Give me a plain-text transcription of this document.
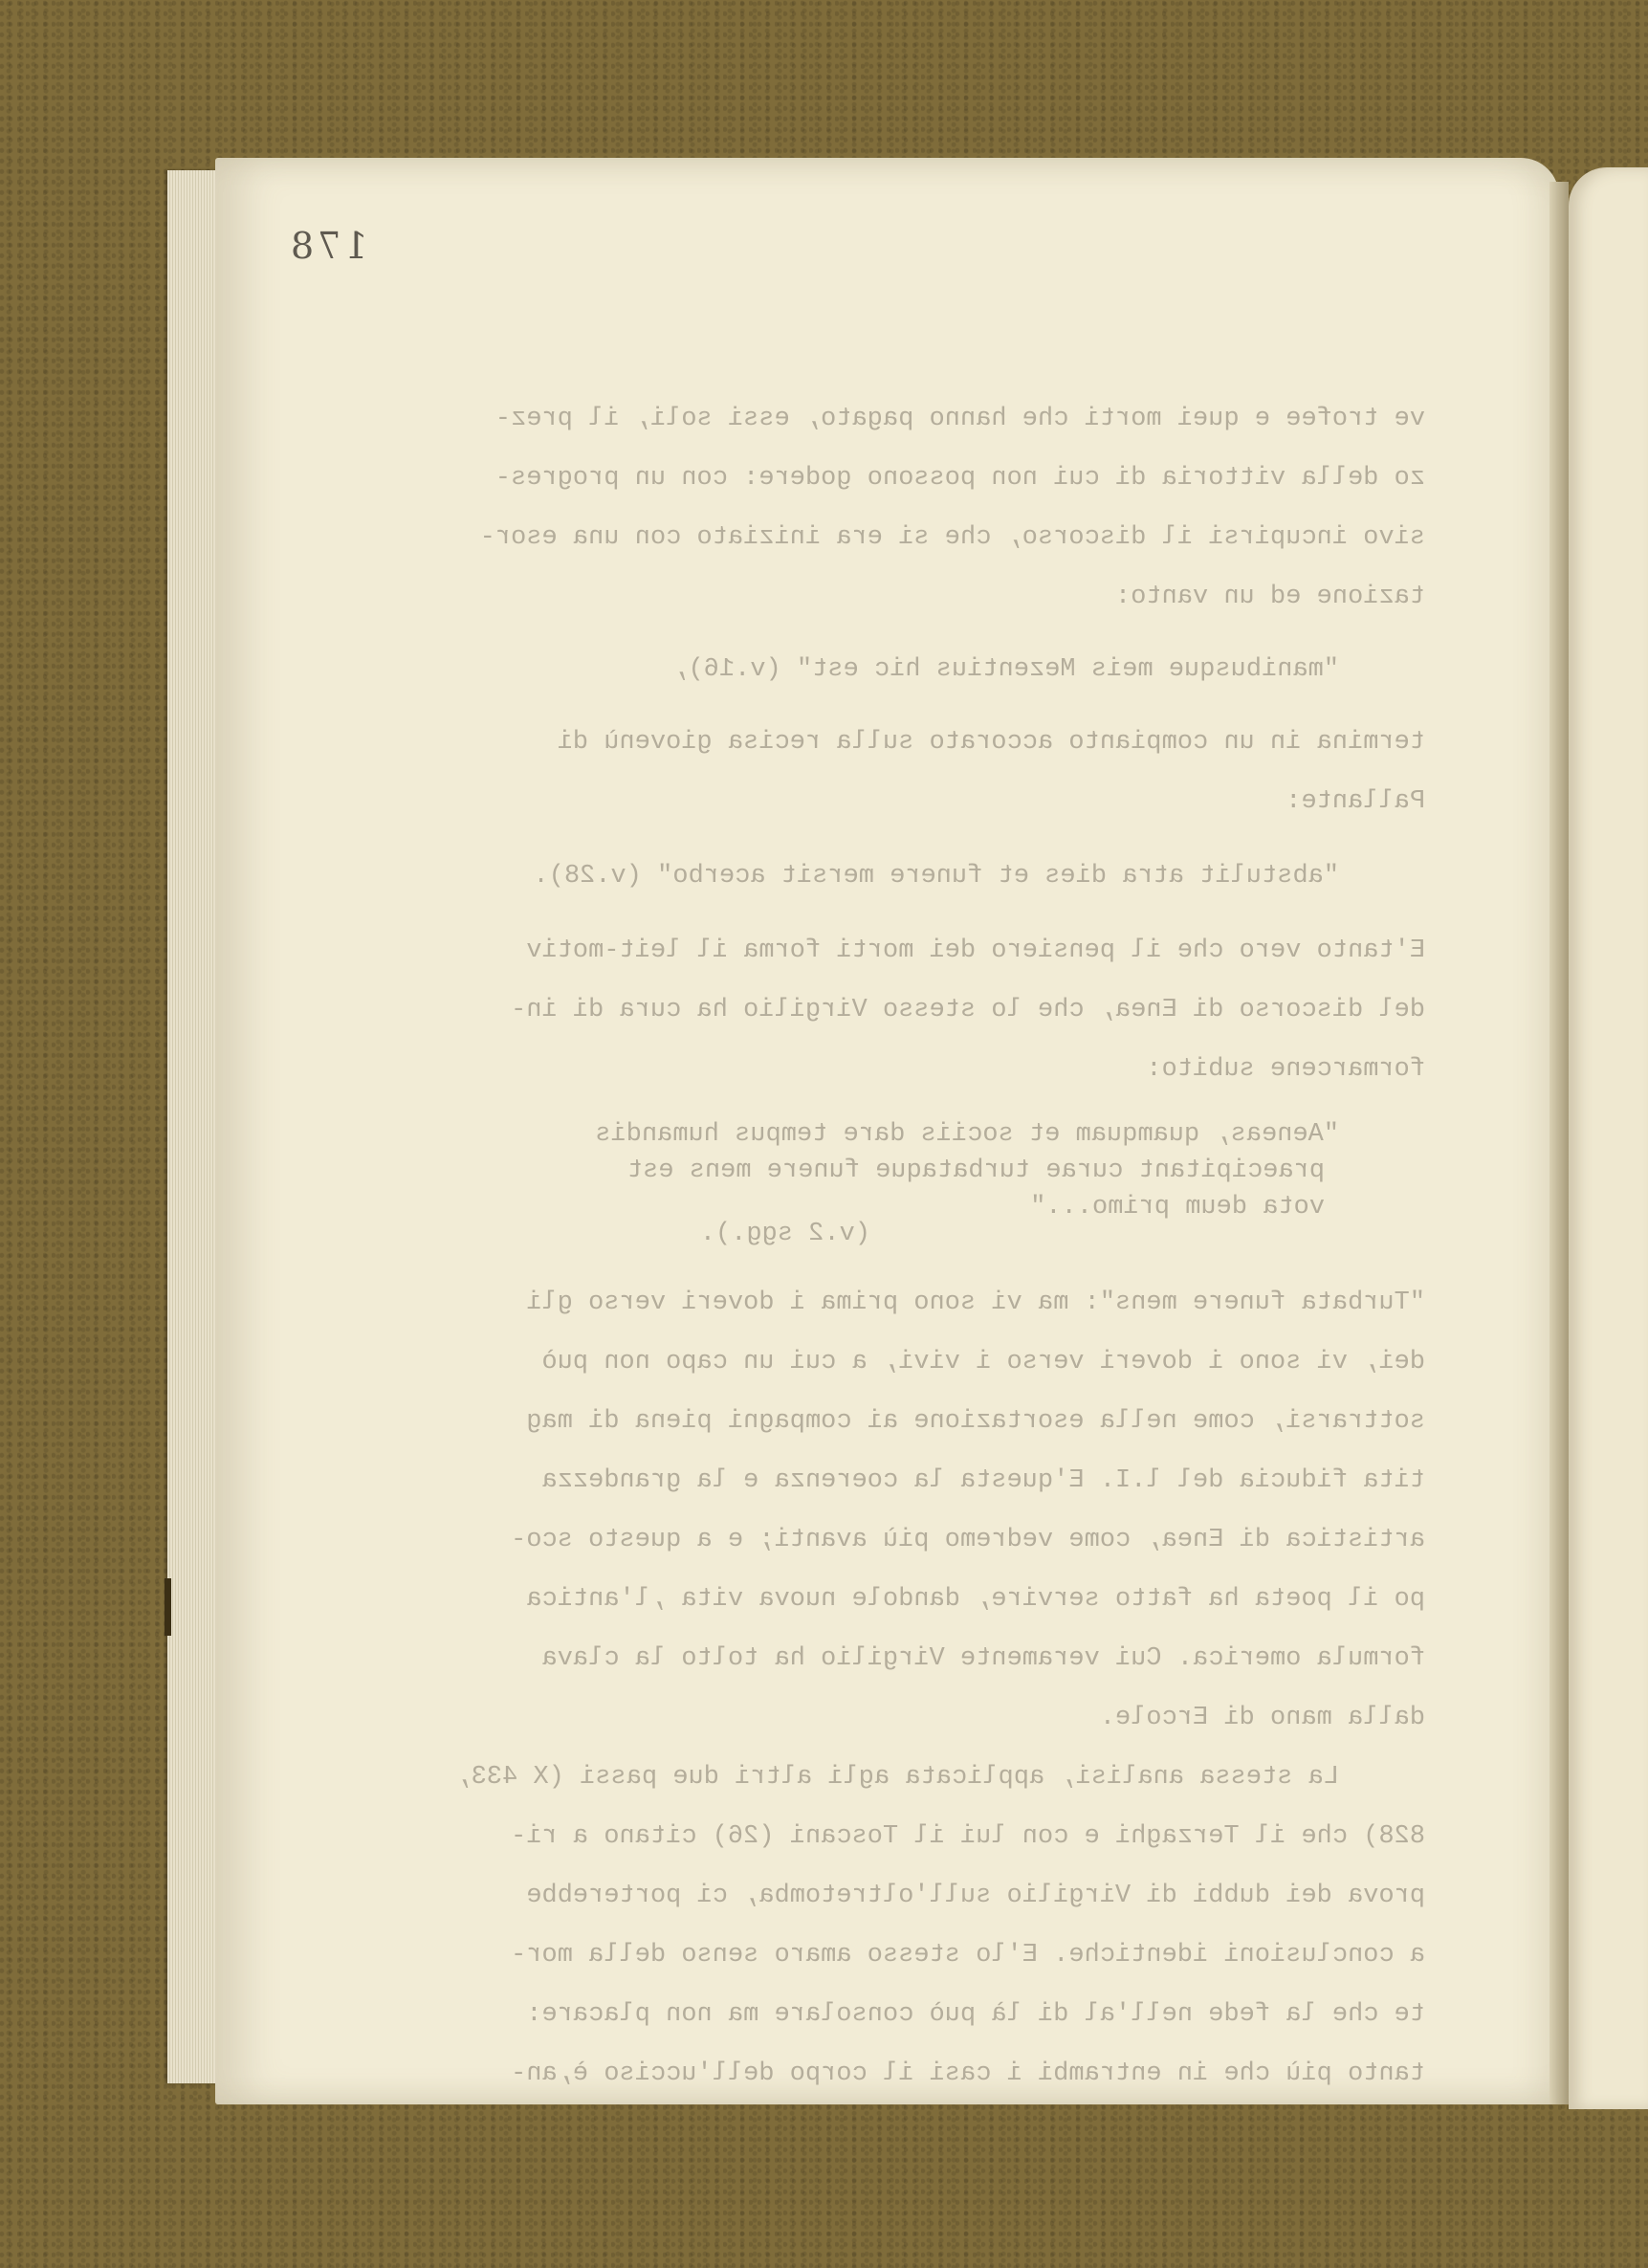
178
ve trofee e quei morti che hanno pagato, essi soli, il prez-
zo della vittoria di cui non possono godere: con un progres-
sivo incupirsi il discorso, che si era iniziato con una esor-
tazione ed un vanto:
"manibusque meis Mezentius hic est" (v.16),
termina in un compianto accorato sulla recisa giovenù di
Pallante:
"abstulit atra dies et funere mersit acerbo" (v.28).
E'tanto vero che il pensiero dei morti forma il leit-motiv
del discorso di Enea, che lo stesso Virgilio ha cura di in-
formarcene subito:
"Aeneas, quamquam et sociis dare tempus humandis
praecipitant curae turbataque funere mens est
vota deum primo..."
(v.2 sgg.).
"Turbata funere mens": ma vi sono prima i doveri verso gli
dei, vi sono i doveri verso i vivi, a cui un capo non può
sottrarsi, come nella esortazione ai compagni piena di mag
tita fiducia del l.I. E'questa la coerenza e la grandezza
artistica di Enea, come vedremo più avanti; e a questo sco-
po il poeta ha fatto servire, dandole nuova vita ,l'antica
formula omerica. Cui veramente Virgilio ha tolto la clava
dalla mano di Ercole.
La stessa analisi, applicata agli altri due passi (X 433,
828) che il Terzaghi e con lui il Toscani (26) citano a ri-
prova dei dubbi di Virgilio sull'oltretomba, ci porterebbe
a conclusioni identiche. E'lo stesso amaro senso della mor-
te che la fede nell'al di là può consolare ma non placare:
tanto più che in entrambi i casi il corpo dell'ucciso è,an-
